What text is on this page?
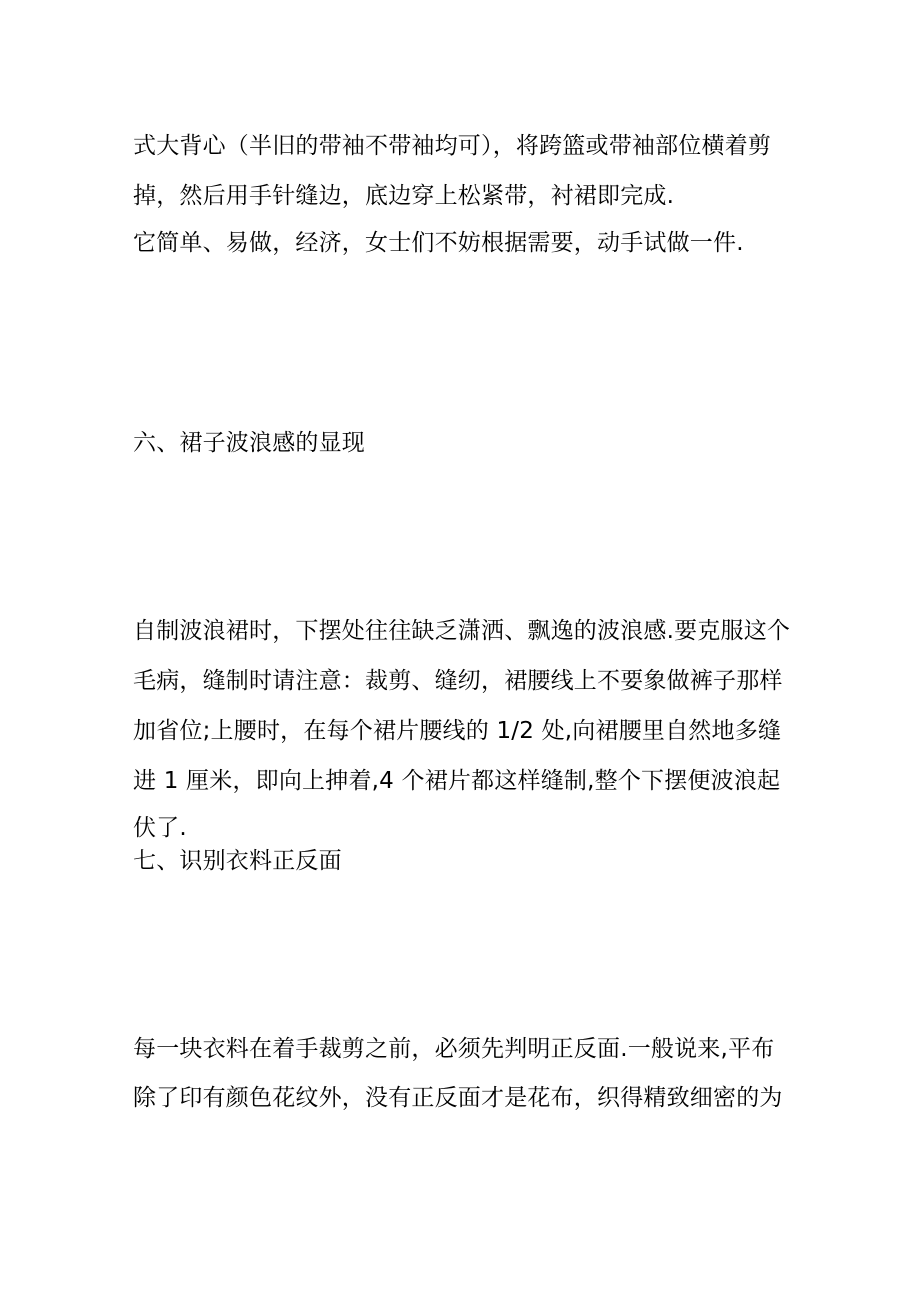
式大背心（半旧的带袖不带袖均可），将跨篮或带袖部位横着剪
掉，然后用手针缝边，底边穿上松紧带，衬裙即完成.
它简单、易做，经济，女士们不妨根据需要，动手试做一件.
六、裙子波浪感的显现
自制波浪裙时，下摆处往往缺乏潇洒、飘逸的波浪感.要克服这个
毛病，缝制时请注意：裁剪、缝纫，裙腰线上不要象做裤子那样
加省位;上腰时，在每个裙片腰线的 1/2 处,向裙腰里自然地多缝
进 1 厘米，即向上抻着,4 个裙片都这样缝制,整个下摆便波浪起
伏了.
七、识别衣料正反面
每一块衣料在着手裁剪之前，必须先判明正反面.一般说来,平布
除了印有颜色花纹外，没有正反面才是花布，织得精致细密的为
